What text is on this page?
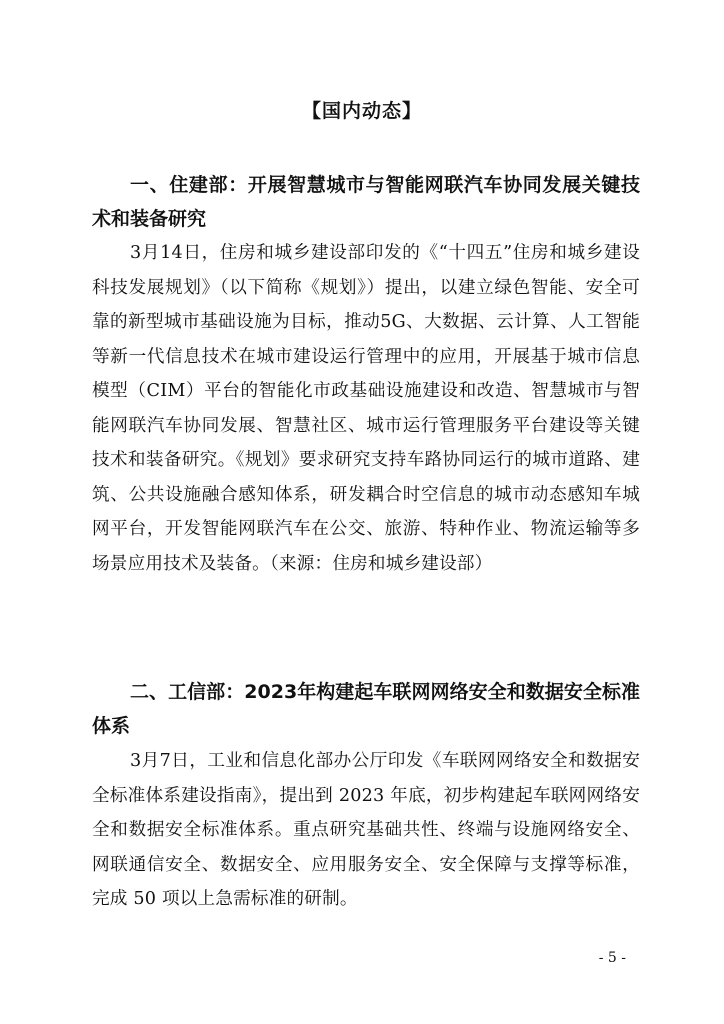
【国内动态】
一、住建部：开展智慧城市与智能网联汽车协同发展关键技术和装备研究
3月14日，住房和城乡建设部印发的《“十四五”住房和城乡建设科技发展规划》（以下简称《规划》）提出，以建立绿色智能、安全可靠的新型城市基础设施为目标，推动5G、大数据、云计算、人工智能等新一代信息技术在城市建设运行管理中的应用，开展基于城市信息模型（CIM）平台的智能化市政基础设施建设和改造、智慧城市与智能网联汽车协同发展、智慧社区、城市运行管理服务平台建设等关键技术和装备研究。《规划》要求研究支持车路协同运行的城市道路、建筑、公共设施融合感知体系，研发耦合时空信息的城市动态感知车城网平台，开发智能网联汽车在公交、旅游、特种作业、物流运输等多场景应用技术及装备。（来源：住房和城乡建设部）
二、工信部：2023年构建起车联网网络安全和数据安全标准体系
3月7日，工业和信息化部办公厅印发《车联网网络安全和数据安全标准体系建设指南》，提出到 2023 年底，初步构建起车联网网络安全和数据安全标准体系。重点研究基础共性、终端与设施网络安全、网联通信安全、数据安全、应用服务安全、安全保障与支撑等标准，完成 50 项以上急需标准的研制。
- 5 -
